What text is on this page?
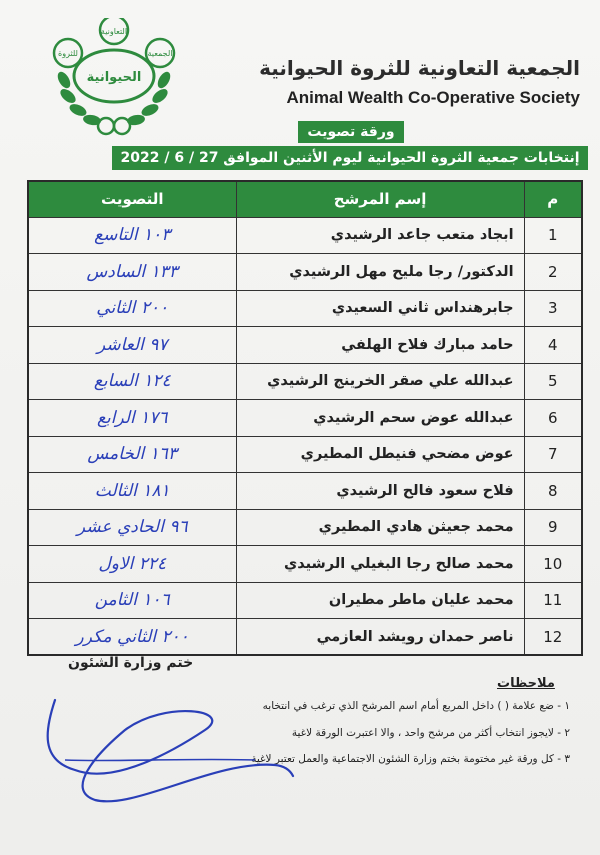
التعاونية
للثروة	الجمعية
الحيوانية	الجمعية التعاونية للثروة الحيوانية
Animal Wealth Co-Operative Society
ورقة تصويت
إنتخابات جمعية الثروة الحيوانية ليوم الأثنين الموافق 27 / 6 / 2022
التصويت	إسم المرشح	م

١٠٣ التاسع	ابجاد متعب جاعد الرشيدي	1

١٣٣ السادس	الدكتور/ رجا مليح مهل الرشيدي	2

٢٠٠ الثاني	جابرهنداس ثاني السعيدي	3

٩٧ العاشر	حامد مبارك فلاح الهلفي	4

١٢٤ السابع	عبدالله علي صقر الخرينج الرشيدي	5

١٧٦ الرابع	عبدالله عوض سحم الرشيدي	6

١٦٣ الخامس	عوض مضحي فنيطل المطيري	7

١٨١ الثالث	فلاح سعود فالح الرشيدي	8

٩٦ الحادي عشر	محمد جعيثن هادي المطيري	9

٢٢٤ الاول	محمد صالح رجا البغيلي الرشيدي	10

١٠٦ الثامن	محمد عليان ماطر مطيران	11

٢٠٠ الثاني مكرر	ناصر حمدان رويشد العازمي	12
ختم وزارة الشئون
ملاحظات
١ - ضع علامة ( ) داخل المربع أمام اسم المرشح الذي ترغب في انتخابه
٢ - لايجوز انتخاب أكثر من مرشح واحد ، والا اعتبرت الورقة لاغية
٣ - كل ورقة غير مختومة بختم وزارة الشئون الاجتماعية والعمل تعتبر لاغية
